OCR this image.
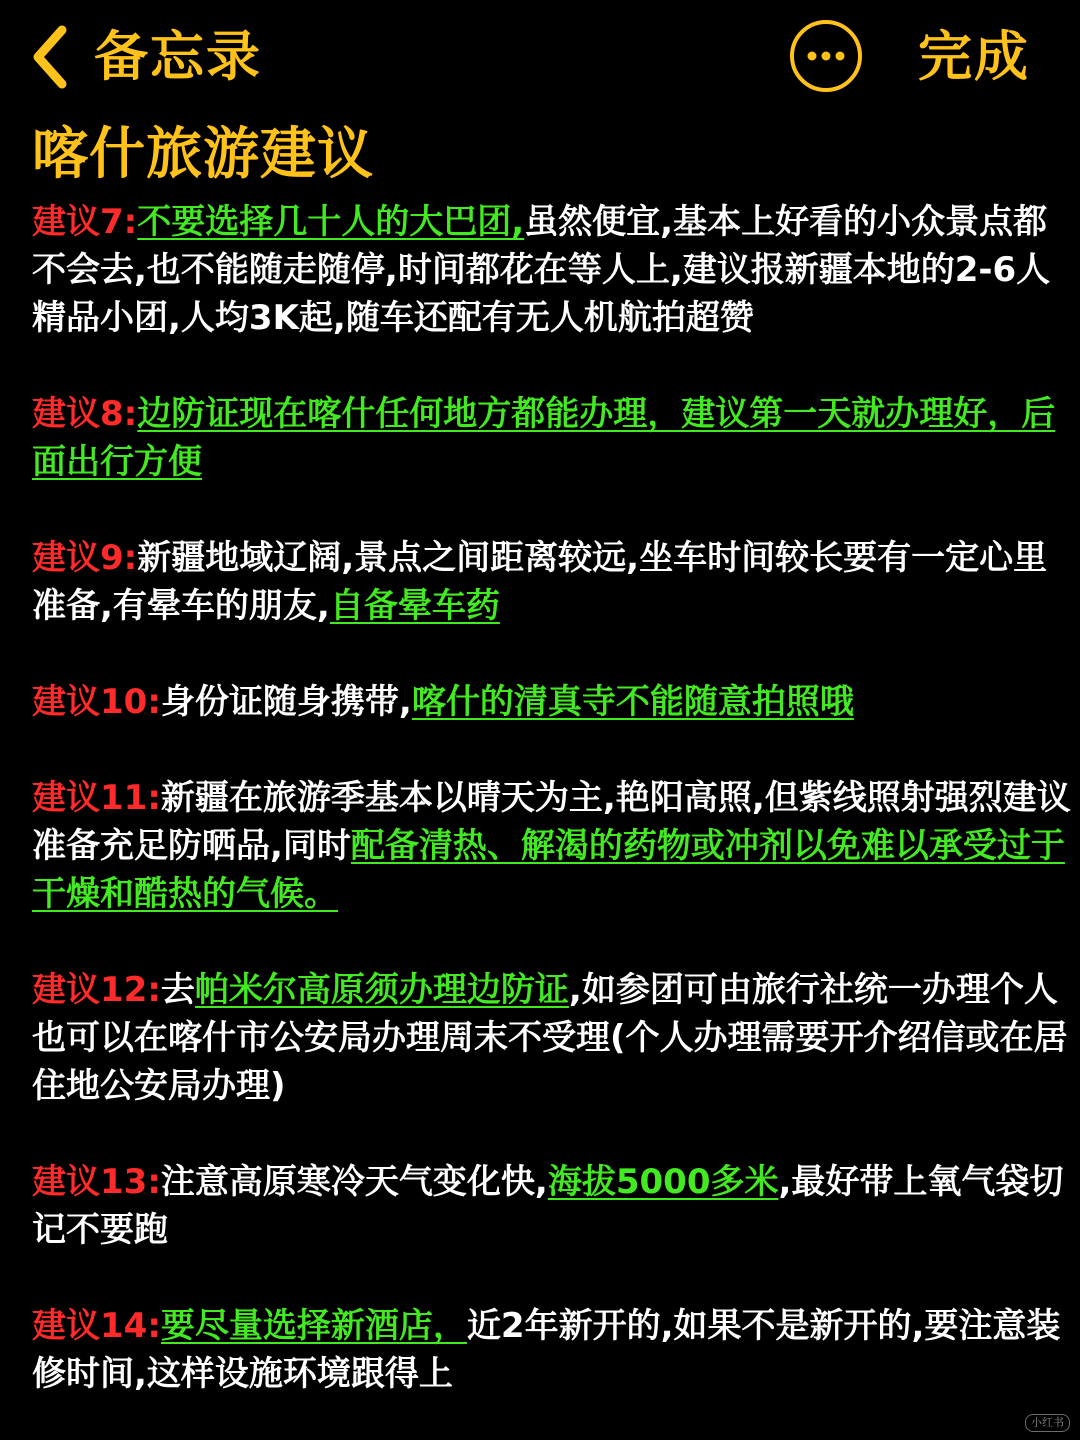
备忘录	完成
喀什旅游建议

建议7:不要选择几十人的大巴团,虽然便宜,基本上好看的小众景点都不会去,也不能随走随停,时间都花在等人上,建议报新疆本地的2-6人精品小团,人均3K起,随车还配有无人机航拍超赞

建议8:边防证现在喀什任何地方都能办理，建议第一天就办理好，后面出行方便

建议9:新疆地域辽阔,景点之间距离较远,坐车时间较长要有一定心里准备,有晕车的朋友,自备晕车药

建议10:身份证随身携带,喀什的清真寺不能随意拍照哦

建议11:新疆在旅游季基本以晴天为主,艳阳高照,但紫线照射强烈建议准备充足防晒品,同时配备清热、解渴的药物或冲剂以免难以承受过于干燥和酷热的气候。

建议12:去帕米尔高原须办理边防证,如参团可由旅行社统一办理个人也可以在喀什市公安局办理周末不受理(个人办理需要开介绍信或在居住地公安局办理)

建议13:注意高原寒冷天气变化快,海拔5000多米,最好带上氧气袋切记不要跑

建议14:要尽量选择新酒店，近2年新开的,如果不是新开的,要注意装修时间,这样设施环境跟得上

小红书
